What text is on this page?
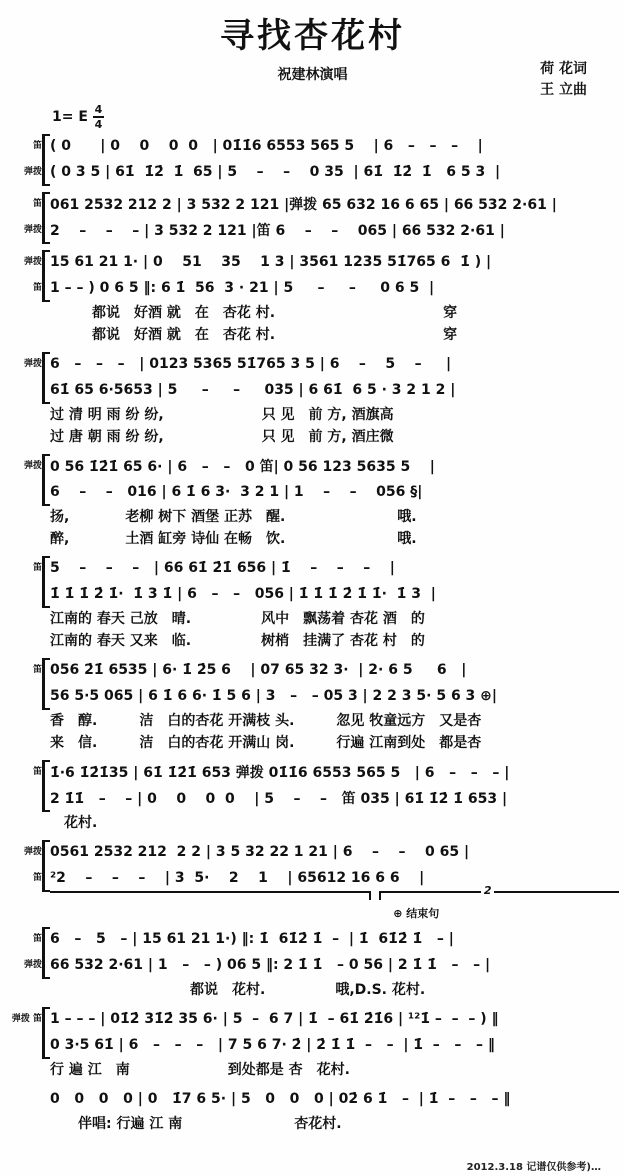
寻找杏花村
祝建林演唱	荷 花词
王 立曲
1= E $\frac{4}{4}$
笛 ( 0      | 0    0    0  0   | 01̇1̇6 6553 565 5    | 6   –   –   –    |
弹拨 ( 0 3 5 | 61̇  1̇2̇  1̇  65 | 5    –    –    0 35  | 61̇  1̇2̇  1̇   6 5 3  |
笛 061 2532 212 2 | 3 532 2 121 |弹拨 65 632 16 6 65 | 66 532 2·61 |
弹拨 2    –    –    – | 3 532 2 121 |笛 6    –    –    065 | 66 532 2·61 |
弹拨 15 61 21 1· | 0    51    35    1 3 | 3561 1235 51̇765 6  1̇ ) |
笛 1 – – ) 0 6 5 ‖: 6 1̇  56  3 · 21 | 5     –     –     0 6 5  |
　　　都说　好酒 就　在　杏花 村.　　　　　　　　　　　　穿
　　　都说　好酒 就　在　杏花 村.　　　　　　　　　　　　穿
弹拨 6   –   –   –   | 0123 5365 51̇765 3 5 | 6    –    5    –     |
61̇ 65 6·5653 | 5     –     –     035 | 6 61̇  6 5 · 3 2 1 2 |
过 清 明 雨 纷 纷,　　　　　　　只 见　前 方, 酒旗高
过 唐 朝 雨 纷 纷,　　　　　　　只 见　前 方, 酒庄微
弹拨 0 56 1̇2̇1̇ 65 6· | 6   –   –   0 笛| 0 56 123 5635 5    |
6    –    –   016 | 6 1̇ 6 3·  3 2 1 | 1    –    –    056 §|
扬,　　　　老柳 树下 酒堡 正苏　醒.　　　　　　　　哦.
醉,　　　　土酒 缸旁 诗仙 在畅　饮.　　　　　　　　哦.
笛 5    –    –    –   | 66 61̇ 2̇1̇ 656 | 1̇    –    –    –    |
1̇ 1̇ 1̇ 2̇ 1̇·  1̇ 3 1̇ | 6   –   –   056 | 1̇ 1̇ 1̇ 2̇ 1̇ 1̇·  1̇ 3  |
江南的 春天 己放　晴.　　　　　风中　飘荡着 杏花 酒　的
江南的 春天 又来　临.　　　　　树梢　挂满了 杏花 村　的
笛 056 2̇1̇ 6535 | 6· 1̇ 2̇5 6    | 07 65 32 3·  | 2· 6 5     6   |
56 5·5 065 | 6 1̇ 6 6· 1̇ 5 6 | 3   –   – 05 3 | 2 2 3 5· 5 6 3 ⊕|
香　醇.　　　洁　白的杏花 开满枝 头.　　　忽见 牧童远方　又是杏
来　信.　　　洁　白的杏花 开满山 岗.　　　行遍 江南到处　都是杏
笛 1̇·6 1̇2̇1̇35 | 61̇ 1̇2̇1̇ 653 弹拨 01̇1̇6 6553 565 5   | 6   –   –   – |
2 1̇1̇   –    – | 0    0    0  0    | 5    –    –   笛 035 | 61̇ 1̇2̇ 1̇ 653 |
　花村.
弹拨 0561 2532 212  2 2 | 3 5 32 22 1 21 | 6    –    –    0 65 |
笛 ²2    –    –    –    | 3  5·    2    1    | 65612 16 6 6    |
2
⊕ 结束句
笛 6   –   5   – | 15 61 21 1·) ‖: 1̇  61̇2̇ 1̇  –  | 1̇  61̇2̇ 1̇   – |
弹拨 66 532 2·61 | 1   –   – ) 06 5 ‖: 2 1̇ 1̇   – 0 56 | 2 1̇ 1̇   –   – |
　　　　　　　　　　都说　花村.　　　　　哦,D.S. 花村.
弹拨 笛 1 – – – | 01̇2̇ 31̇2̇ 35 6· | 5  –  6 7 | 1̇  – 61̇ 2̇1̇6 | ¹²1̇ –  –  – ) ‖
0 3·5 61̇ | 6   –   –   –   | 7 5 6 7· 2̇ | 2̇ 1̇ 1̇  –   –  | 1̇  –   –   – ‖
行 遍 江　南　　　　　　　到处都是 杏　花村.
0   0   0   0 | 0   1̇7 6 5· | 5   0   0   0 | 02̇ 6 1̇   –  | 1̇  –   –   – ‖
　　伴唱: 行遍 江 南　　　　　　　　杏花村.
2012.3.18 记谱仅供参考)…
